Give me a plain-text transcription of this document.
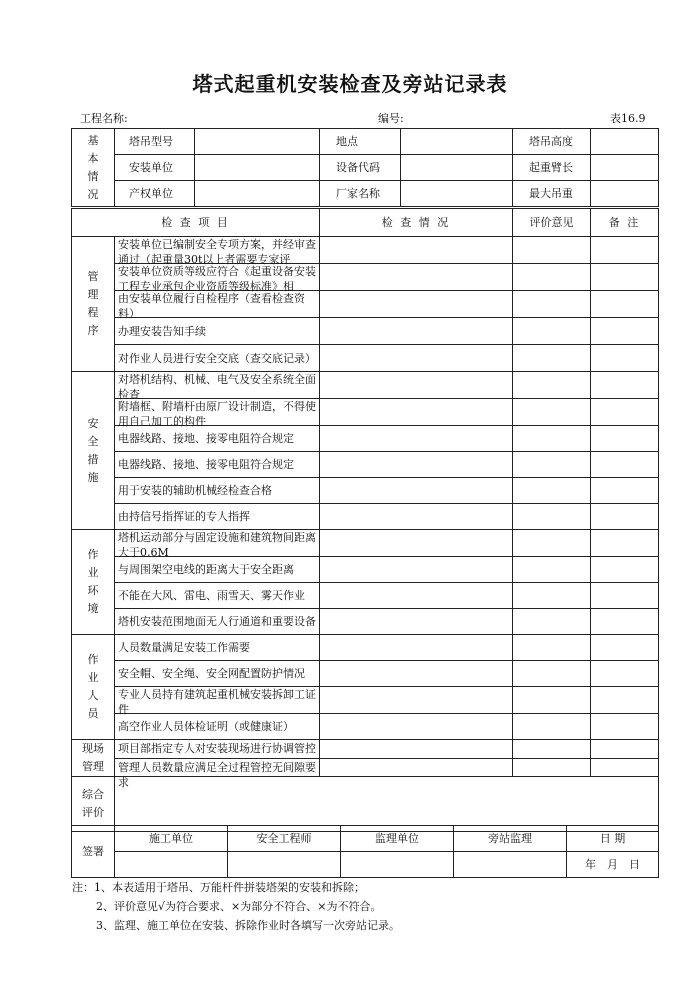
塔式起重机安装检查及旁站记录表
工程名称:	编号:	表16.9
基本情况	塔吊型号		地点		塔吊高度	
	安装单位		设备代码		起重臂长	
	产权单位		厂家名称		最大吊重	
检 查 项 目		检 查 情 况	评价意见	备 注

管理程序	安装单位已编制安全专项方案，并经审查通过（起重量30t以上者需要专家评			

	安装单位资质等级应符合《起重设备安装工程专业承包企业资质等级标准》相			

	由安装单位履行自检程序（查看检查资料）			

	办理安装告知手续			

	对作业人员进行安全交底（查交底记录）			

安全措施	对塔机结构、机械、电气及安全系统全面检查			

	附墙框、附墙杆由原厂设计制造，不得使用自己加工的构件			

	电器线路、接地、接零电阻符合规定			

	电器线路、接地、接零电阻符合规定			

	用于安装的辅助机械经检查合格			

	由持信号指挥证的专人指挥			

作业环境	塔机运动部分与固定设施和建筑物间距离大于0.6M			

	与周围架空电线的距离大于安全距离			

	不能在大风、雷电、雨雪天、雾天作业			

	塔机安装范围地面无人行通道和重要设备			

作业人员	人员数量满足安装工作需要			

	安全帽、安全绳、安全网配置防护情况			

	专业人员持有建筑起重机械安装拆卸工证件			

	高空作业人员体检证明（或健康证）			

现场管理	项目部指定专人对安装现场进行协调管控			

	管理人员数量应满足全过程管控无间隙要求			

综合评价				

签署	施工单位	安全工程师	监理单位	旁站监理	日 期
					年　月　日
注：1、本表适用于塔吊、万能杆件拼装塔架的安装和拆除；
2、评价意见√为符合要求、×为部分不符合、×为不符合。
3、监理、施工单位在安装、拆除作业时各填写一次旁站记录。
